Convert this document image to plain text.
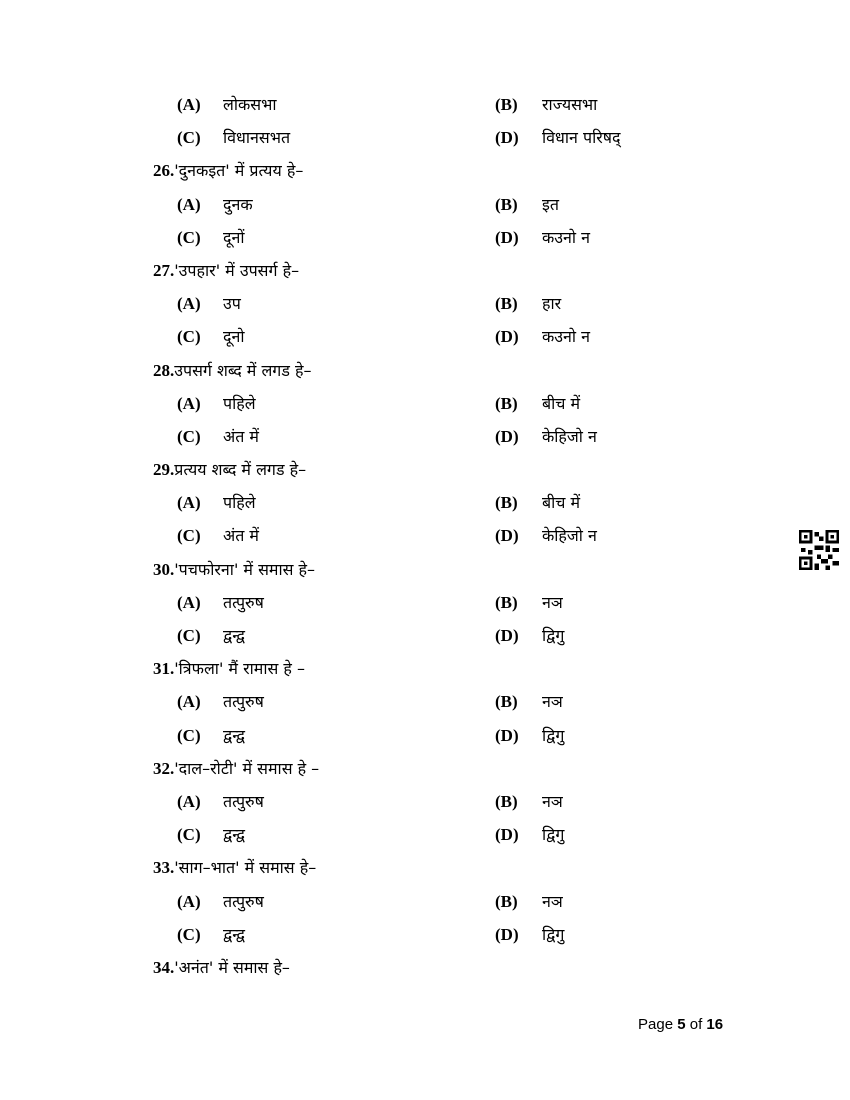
(A) लोकसभा	(B) राज्यसभा
(C) विधानसभत	(D) विधान परिषद्
26.'दुनकइत' में प्रत्यय हे–
(A) दुनक	(B) इत
(C) दूनों	(D) कउनो न
27.'उपहार' में उपसर्ग हे–
(A) उप	(B) हार
(C) दूनो	(D) कउनो न
28.उपसर्ग शब्द में लगड हे–
(A) पहिले	(B) बीच में
(C) अंत में	(D) केहिजो न
29.प्रत्यय शब्द में लगड हे–
(A) पहिले	(B) बीच में
(C) अंत में	(D) केहिजो न
30.'पचफोरना' में समास हे–
(A) तत्पुरुष	(B) नञ
(C) द्वन्द्व	(D) द्विगु
31.'त्रिफला' मैं रामास हे –
(A) तत्पुरुष	(B) नञ
(C) द्वन्द्व	(D) द्विगु
32.'दाल–रोटी' में समास हे –
(A) तत्पुरुष	(B) नञ
(C) द्वन्द्व	(D) द्विगु
33.'साग–भात' में समास हे–
(A) तत्पुरुष	(B) नञ
(C) द्वन्द्व	(D) द्विगु
34.'अनंत' में समास हे–
Page 5 of 16
